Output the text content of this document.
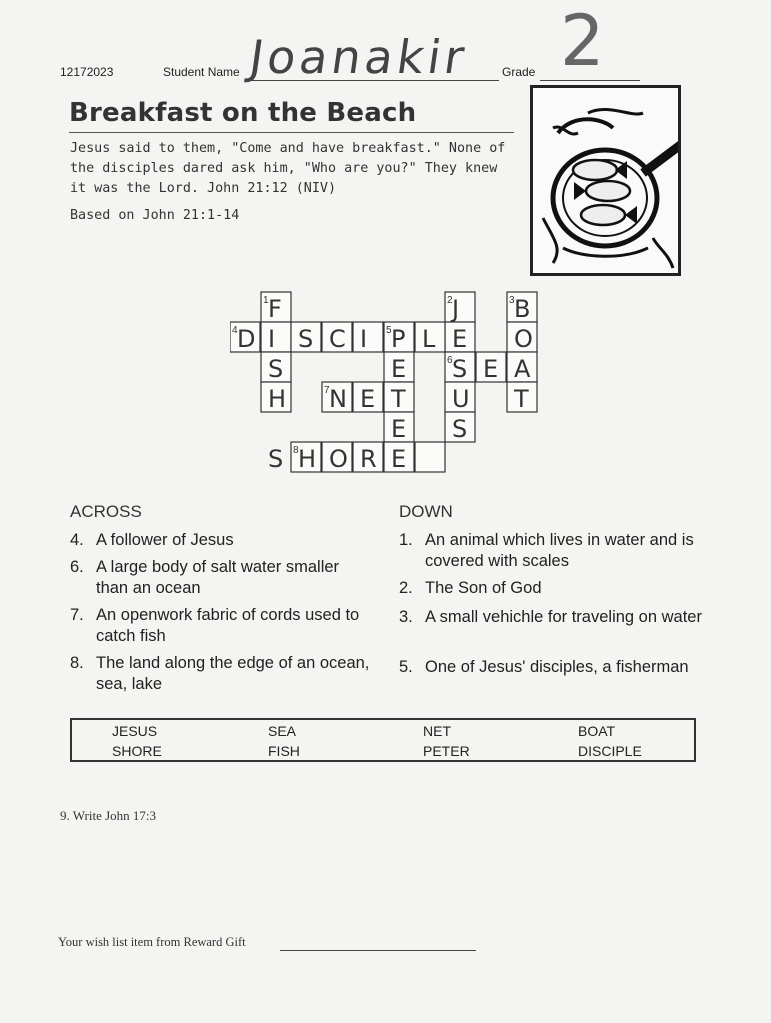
12172023	Student Name	Grade
Joanakir 2
Breakfast on the Beach
Jesus said to them, "Come and have breakfast." None of the disciples dared ask him, "Who are you?" They knew it was the Lord. John 21:12 (NIV)
Based on John 21:1-14
1	2	3
4	5
6
7
8
D I S C I P L E
S E A
N E T
S H O R E
F
S
H
J
U
S
B
O
T
E
E
ACROSS	DOWN
4. A follower of Jesus
6. A large body of salt water smaller than an ocean
7. An openwork fabric of cords used to catch fish
8. The land along the edge of an ocean, sea, lake
1. An animal which lives in water and is covered with scales
2. The Son of God
3. A small vehichle for traveling on water
5. One of Jesus' disciples, a fisherman
JESUS	SEA	NET	BOAT
SHORE	FISH	PETER	DISCIPLE
9. Write John 17:3
Your wish list item from Reward Gift
